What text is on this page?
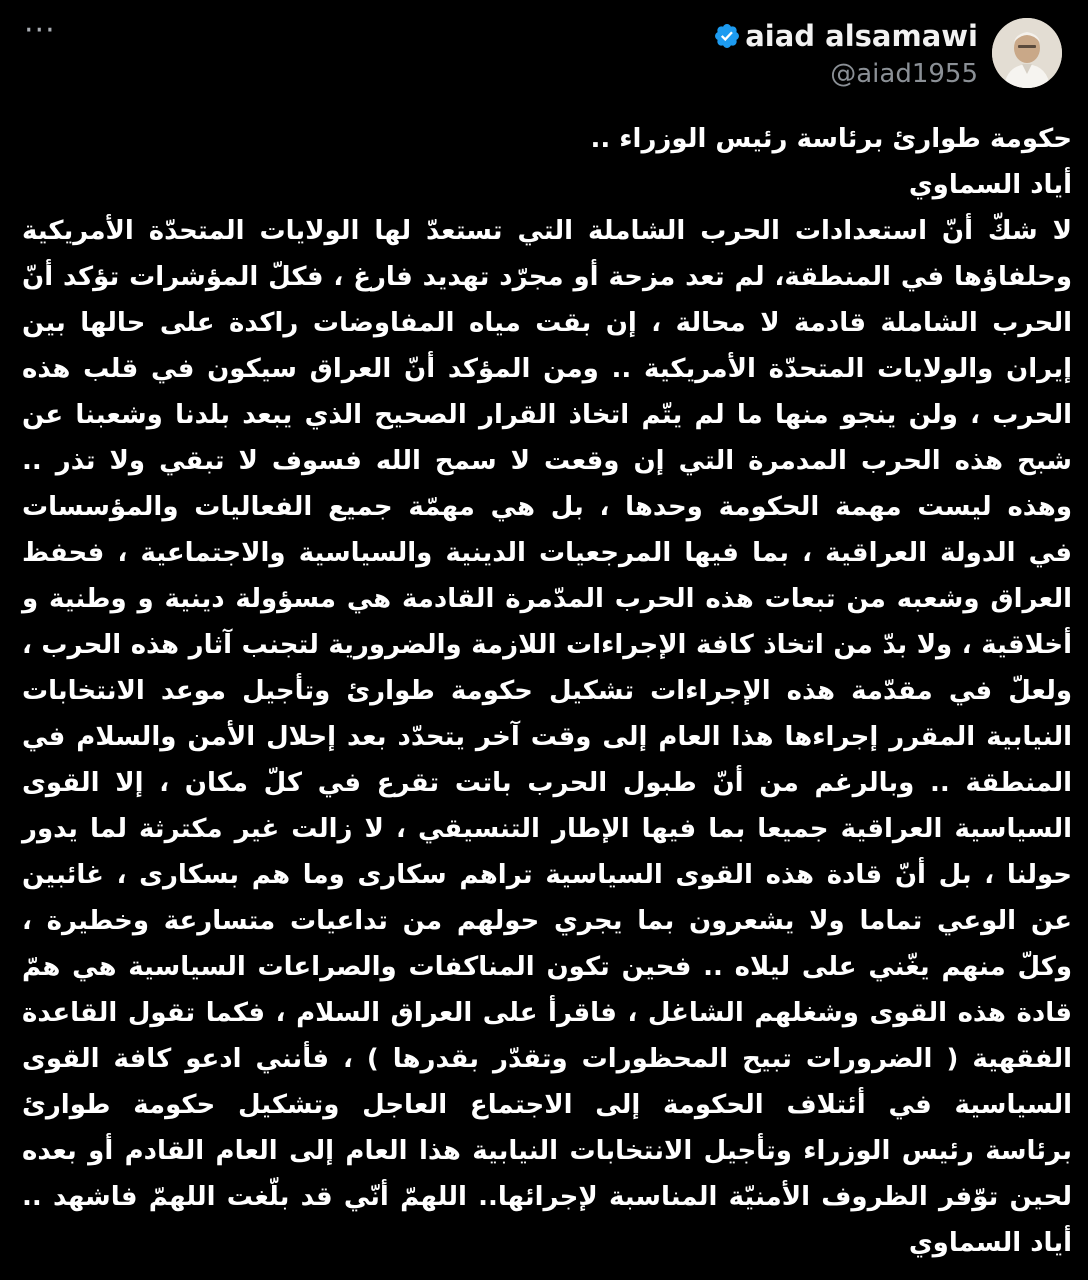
···	aiad alsamawi
@aiad1955
حكومة طوارئ برئاسة رئيس الوزراء ..
أياد السماوي
لا شكّ أنّ استعدادات الحرب الشاملة التي تستعدّ لها الولايات المتحدّة الأمريكية
وحلفاؤها في المنطقة، لم تعد مزحة أو مجرّد تهديد فارغ ، فكلّ المؤشرات تؤكد أنّ
الحرب الشاملة قادمة لا محالة ، إن بقت مياه المفاوضات راكدة على حالها بين
إيران والولايات المتحدّة الأمريكية .. ومن المؤكد أنّ العراق سيكون في قلب هذه
الحرب ، ولن ينجو منها ما لم يتّم اتخاذ القرار الصحيح الذي يبعد بلدنا وشعبنا عن
شبح هذه الحرب المدمرة التي إن وقعت لا سمح الله فسوف لا تبقي ولا تذر ..
وهذه ليست مهمة الحكومة وحدها ، بل هي مهمّة جميع الفعاليات والمؤسسات
في الدولة العراقية ، بما فيها المرجعيات الدينية والسياسية والاجتماعية ، فحفظ
العراق وشعبه من تبعات هذه الحرب المدّمرة القادمة هي مسؤولة دينية و وطنية و
أخلاقية ، ولا بدّ من اتخاذ كافة الإجراءات اللازمة والضرورية لتجنب آثار هذه الحرب ،
ولعلّ في مقدّمة هذه الإجراءات تشكيل حكومة طوارئ وتأجيل موعد الانتخابات
النيابية المقرر إجراءها هذا العام إلى وقت آخر يتحدّد بعد إحلال الأمن والسلام في
المنطقة .. وبالرغم من أنّ طبول الحرب باتت تقرع في كلّ مكان ، إلا القوى
السياسية العراقية جميعا بما فيها الإطار التنسيقي ، لا زالت غير مكترثة لما يدور
حولنا ، بل أنّ قادة هذه القوى السياسية تراهم سكارى وما هم بسكارى ، غائبين
عن الوعي تماما ولا يشعرون بما يجري حولهم من تداعيات متسارعة وخطيرة ،
وكلّ منهم يغّني على ليلاه .. فحين تكون المناكفات والصراعات السياسية هي همّ
قادة هذه القوى وشغلهم الشاغل ، فاقرأ على العراق السلام ، فكما تقول القاعدة
الفقهية ( الضرورات تبيح المحظورات وتقدّر بقدرها ) ، فأنني ادعو كافة القوى
السياسية في أئتلاف الحكومة إلى الاجتماع العاجل وتشكيل حكومة طوارئ
برئاسة رئيس الوزراء وتأجيل الانتخابات النيابية هذا العام إلى العام القادم أو بعده
لحين توّفر الظروف الأمنيّة المناسبة لإجرائها.. اللهمّ أنّي قد بلّغت اللهمّ فاشهد ..
أياد السماوي
